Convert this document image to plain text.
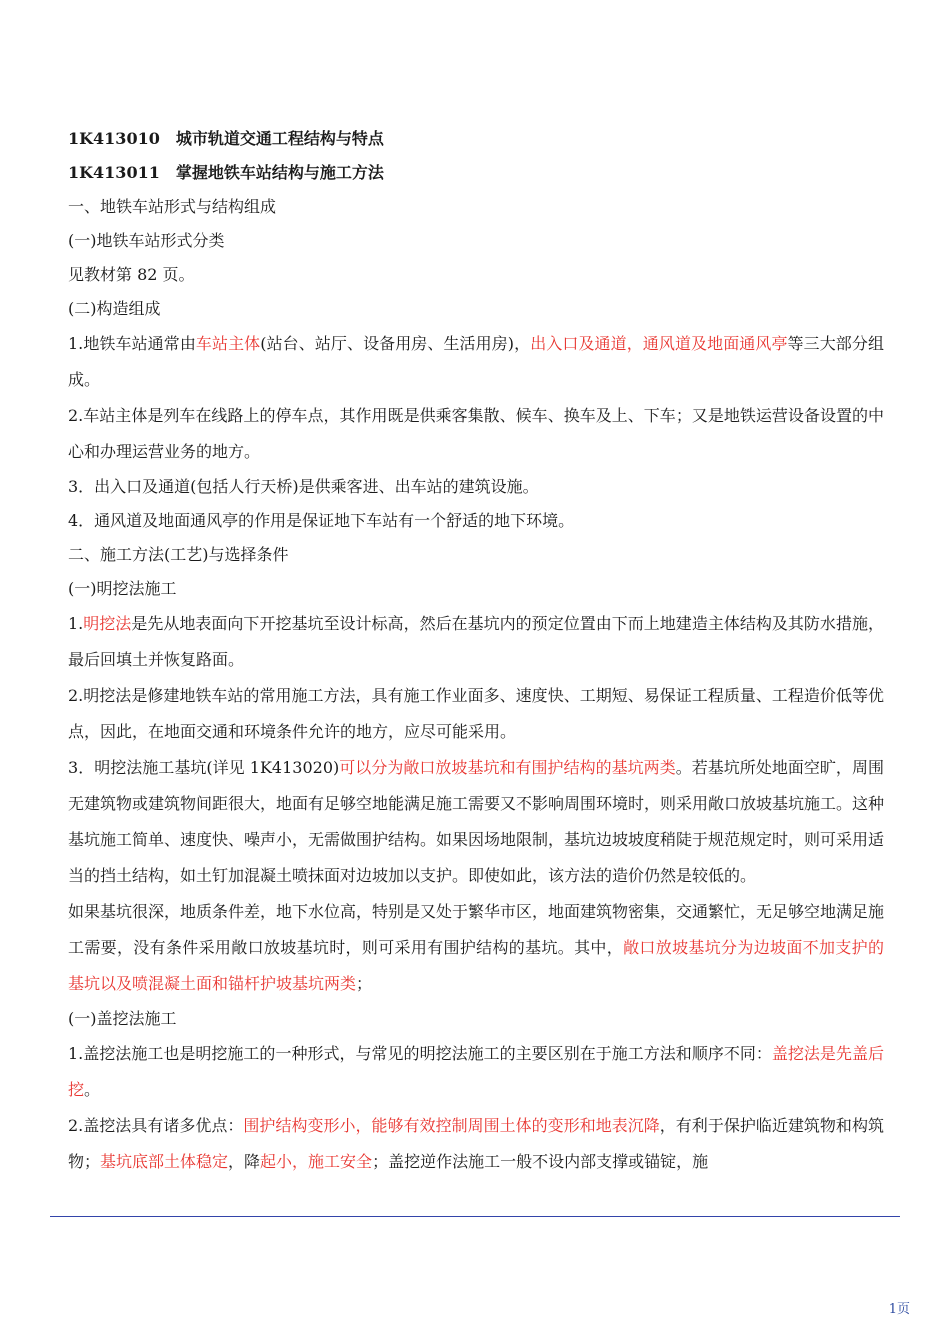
1K413010　城市轨道交通工程结构与特点
1K413011　掌握地铁车站结构与施工方法
一、地铁车站形式与结构组成
(一)地铁车站形式分类
见教材第 82 页。
(二)构造组成
1.地铁车站通常由车站主体(站台、站厅、设备用房、生活用房)，出入口及通道，通风道及地面通风亭等三大部分组成。
2.车站主体是列车在线路上的停车点，其作用既是供乘客集散、候车、换车及上、下车；又是地铁运营设备设置的中心和办理运营业务的地方。
3．出入口及通道(包括人行天桥)是供乘客进、出车站的建筑设施。
4．通风道及地面通风亭的作用是保证地下车站有一个舒适的地下环境。
二、施工方法(工艺)与选择条件
(一)明挖法施工
1.明挖法是先从地表面向下开挖基坑至设计标高，然后在基坑内的预定位置由下而上地建造主体结构及其防水措施，最后回填土并恢复路面。
2.明挖法是修建地铁车站的常用施工方法，具有施工作业面多、速度快、工期短、易保证工程质量、工程造价低等优点，因此，在地面交通和环境条件允许的地方，应尽可能采用。
3．明挖法施工基坑(详见 1K413020)可以分为敞口放坡基坑和有围护结构的基坑两类。若基坑所处地面空旷，周围无建筑物或建筑物间距很大，地面有足够空地能满足施工需要又不影响周围环境时，则采用敞口放坡基坑施工。这种基坑施工简单、速度快、噪声小，无需做围护结构。如果因场地限制，基坑边坡坡度稍陡于规范规定时，则可采用适当的挡土结构，如土钉加混凝土喷抹面对边坡加以支护。即使如此，该方法的造价仍然是较低的。
如果基坑很深，地质条件差，地下水位高，特别是又处于繁华市区，地面建筑物密集，交通繁忙，无足够空地满足施工需要，没有条件采用敞口放坡基坑时，则可采用有围护结构的基坑。其中，敞口放坡基坑分为边坡面不加支护的基坑以及喷混凝土面和锚杆护坡基坑两类；
(一)盖挖法施工
1.盖挖法施工也是明挖施工的一种形式，与常见的明挖法施工的主要区别在于施工方法和顺序不同：盖挖法是先盖后挖。
2.盖挖法具有诸多优点：围护结构变形小，能够有效控制周围土体的变形和地表沉降，有利于保护临近建筑物和构筑物；基坑底部土体稳定，降起小，施工安全；盖挖逆作法施工一般不设内部支撑或锚锭，施
1页
